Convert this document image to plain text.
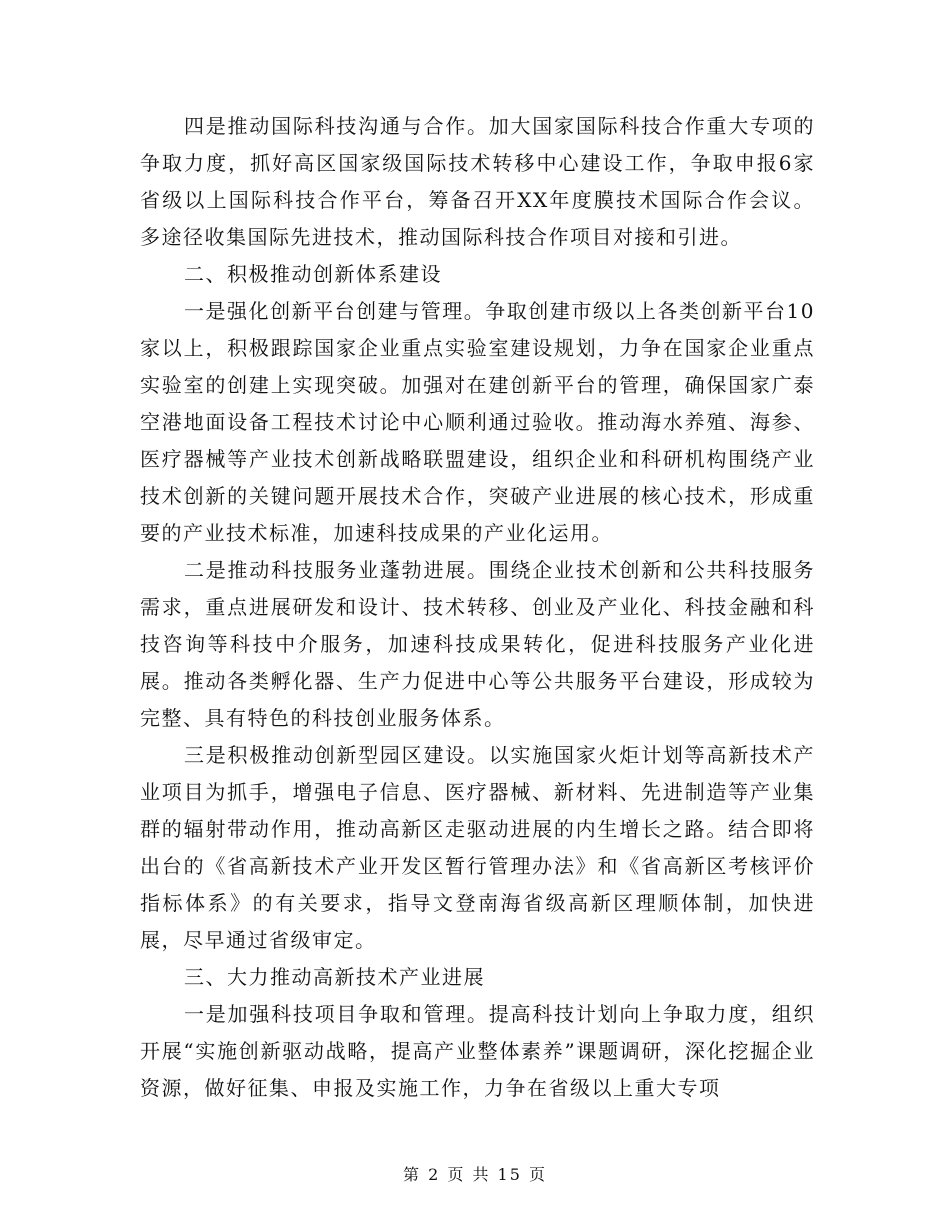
四是推动国际科技沟通与合作。加大国家国际科技合作重大专项的争取力度，抓好高区国家级国际技术转移中心建设工作，争取申报6家省级以上国际科技合作平台，筹备召开XX年度膜技术国际合作会议。多途径收集国际先进技术，推动国际科技合作项目对接和引进。

二、积极推动创新体系建设

一是强化创新平台创建与管理。争取创建市级以上各类创新平台10家以上，积极跟踪国家企业重点实验室建设规划，力争在国家企业重点实验室的创建上实现突破。加强对在建创新平台的管理，确保国家广泰空港地面设备工程技术讨论中心顺利通过验收。推动海水养殖、海参、医疗器械等产业技术创新战略联盟建设，组织企业和科研机构围绕产业技术创新的关键问题开展技术合作，突破产业进展的核心技术，形成重要的产业技术标准，加速科技成果的产业化运用。

二是推动科技服务业蓬勃进展。围绕企业技术创新和公共科技服务需求，重点进展研发和设计、技术转移、创业及产业化、科技金融和科技咨询等科技中介服务，加速科技成果转化，促进科技服务产业化进展。推动各类孵化器、生产力促进中心等公共服务平台建设，形成较为完整、具有特色的科技创业服务体系。

三是积极推动创新型园区建设。以实施国家火炬计划等高新技术产业项目为抓手，增强电子信息、医疗器械、新材料、先进制造等产业集群的辐射带动作用，推动高新区走驱动进展的内生增长之路。结合即将出台的《省高新技术产业开发区暂行管理办法》和《省高新区考核评价指标体系》的有关要求，指导文登南海省级高新区理顺体制，加快进展，尽早通过省级审定。

三、大力推动高新技术产业进展

一是加强科技项目争取和管理。提高科技计划向上争取力度，组织开展“实施创新驱动战略，提高产业整体素养”课题调研，深化挖掘企业资源，做好征集、申报及实施工作，力争在省级以上重大专项

第 2 页 共 15 页
